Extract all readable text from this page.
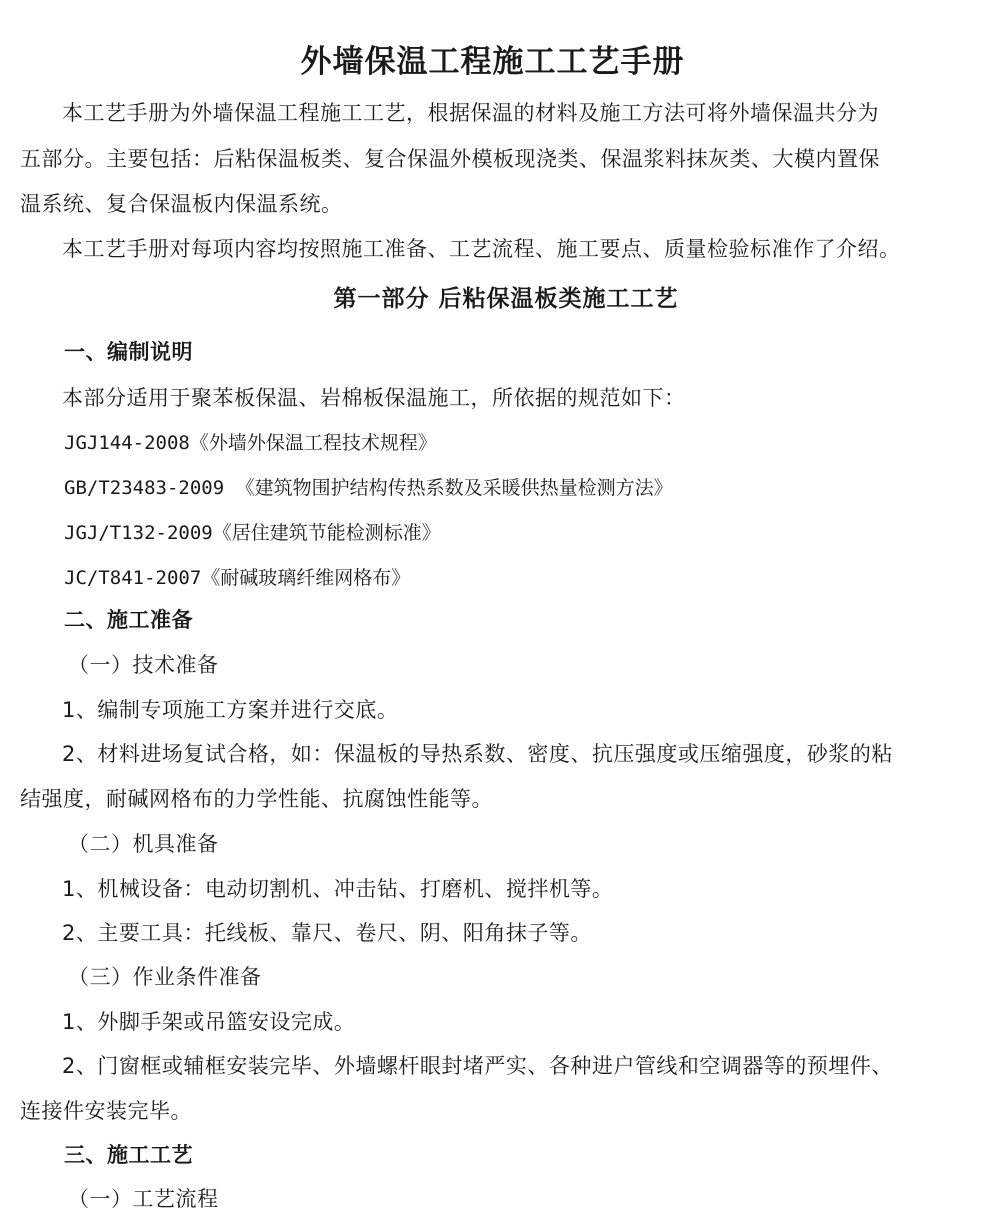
外墙保温工程施工工艺手册
本工艺手册为外墙保温工程施工工艺，根据保温的材料及施工方法可将外墙保温共分为
五部分。主要包括：后粘保温板类、复合保温外模板现浇类、保温浆料抹灰类、大模内置保
温系统、复合保温板内保温系统。
本工艺手册对每项内容均按照施工准备、工艺流程、施工要点、质量检验标准作了介绍。
第一部分 后粘保温板类施工工艺
一、编制说明
本部分适用于聚苯板保温、岩棉板保温施工，所依据的规范如下：
JGJ144-2008《外墙外保温工程技术规程》
GB/T23483-2009 《建筑物围护结构传热系数及采暖供热量检测方法》
JGJ/T132-2009《居住建筑节能检测标准》
JC/T841-2007《耐碱玻璃纤维网格布》
二、施工准备
（一）技术准备
1、编制专项施工方案并进行交底。
2、材料进场复试合格，如：保温板的导热系数、密度、抗压强度或压缩强度，砂浆的粘
结强度，耐碱网格布的力学性能、抗腐蚀性能等。
（二）机具准备
1、机械设备：电动切割机、冲击钻、打磨机、搅拌机等。
2、主要工具：托线板、靠尺、卷尺、阴、阳角抹子等。
（三）作业条件准备
1、外脚手架或吊篮安设完成。
2、门窗框或辅框安装完毕、外墙螺杆眼封堵严实、各种进户管线和空调器等的预埋件、
连接件安装完毕。
三、施工工艺
（一）工艺流程
